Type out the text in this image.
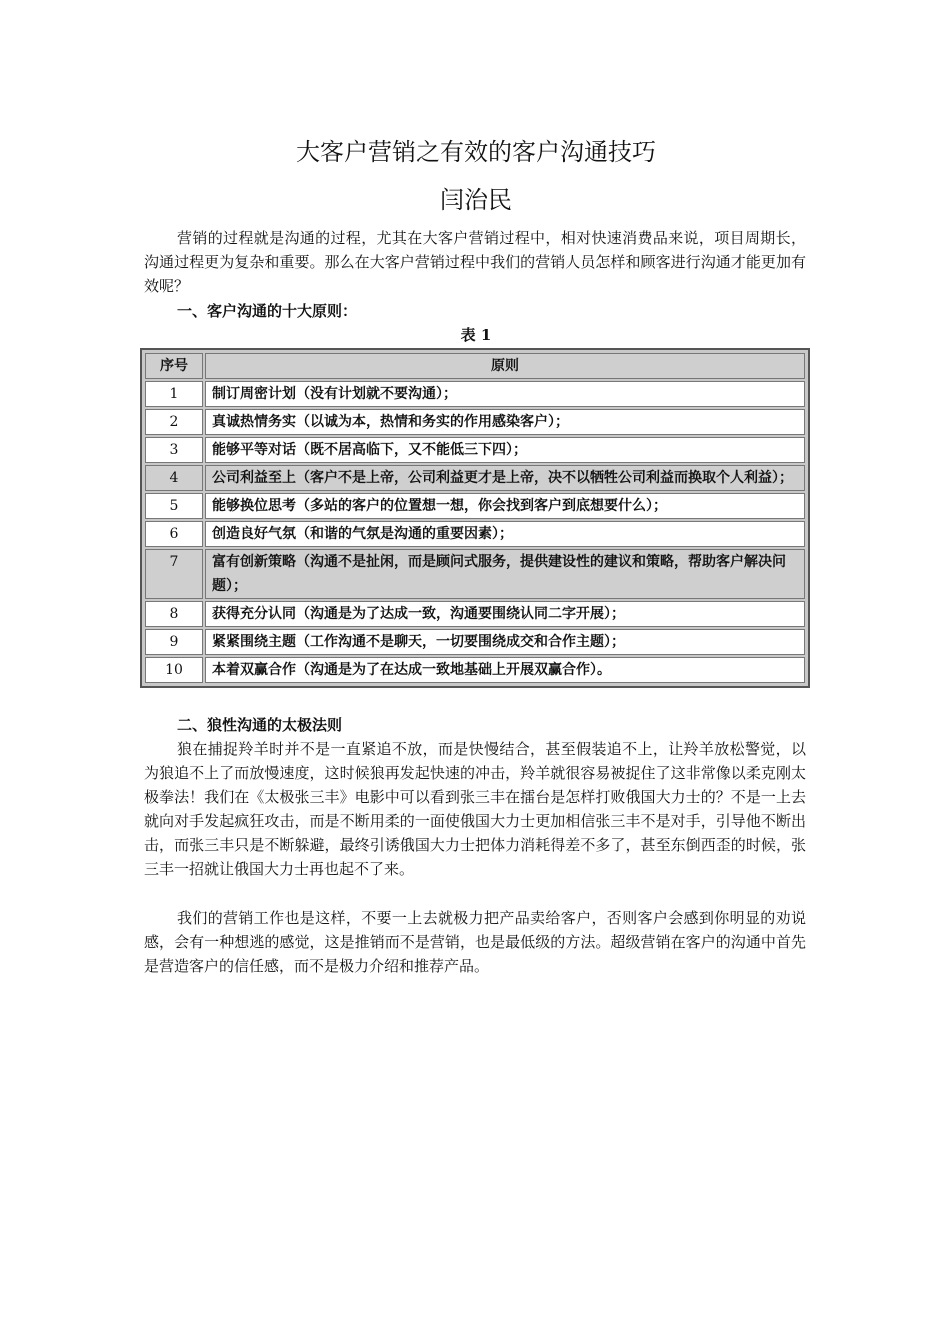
大客户营销之有效的客户沟通技巧
闫治民

营销的过程就是沟通的过程，尤其在大客户营销过程中，相对快速消费品来说，项目周期长，沟通过程更为复杂和重要。那么在大客户营销过程中我们的营销人员怎样和顾客进行沟通才能更加有效呢？

一、客户沟通的十大原则：
表 1
序号	原则
1	制订周密计划（没有计划就不要沟通）；
2	真诚热情务实（以诚为本，热情和务实的作用感染客户）；
3	能够平等对话（既不居高临下，又不能低三下四）；
4	公司利益至上（客户不是上帝，公司利益更才是上帝，决不以牺牲公司利益而换取个人利益）；
5	能够换位思考（多站的客户的位置想一想，你会找到客户到底想要什么）；
6	创造良好气氛（和谐的气氛是沟通的重要因素）；
7	富有创新策略（沟通不是扯闲，而是顾问式服务，提供建设性的建议和策略，帮助客户解决问题）；
8	获得充分认同（沟通是为了达成一致，沟通要围绕认同二字开展）；
9	紧紧围绕主题（工作沟通不是聊天，一切要围绕成交和合作主题）；
10	本着双赢合作（沟通是为了在达成一致地基础上开展双赢合作）。
二、狼性沟通的太极法则

狼在捕捉羚羊时并不是一直紧追不放，而是快慢结合，甚至假装追不上，让羚羊放松警觉，以为狼追不上了而放慢速度，这时候狼再发起快速的冲击，羚羊就很容易被捉住了这非常像以柔克刚太极拳法！我们在《太极张三丰》电影中可以看到张三丰在擂台是怎样打败俄国大力士的？不是一上去就向对手发起疯狂攻击，而是不断用柔的一面使俄国大力士更加相信张三丰不是对手，引导他不断出击，而张三丰只是不断躲避，最终引诱俄国大力士把体力消耗得差不多了，甚至东倒西歪的时候，张三丰一招就让俄国大力士再也起不了来。

我们的营销工作也是这样，不要一上去就极力把产品卖给客户，否则客户会感到你明显的劝说感，会有一种想逃的感觉，这是推销而不是营销，也是最低级的方法。超级营销在客户的沟通中首先是营造客户的信任感，而不是极力介绍和推荐产品。
